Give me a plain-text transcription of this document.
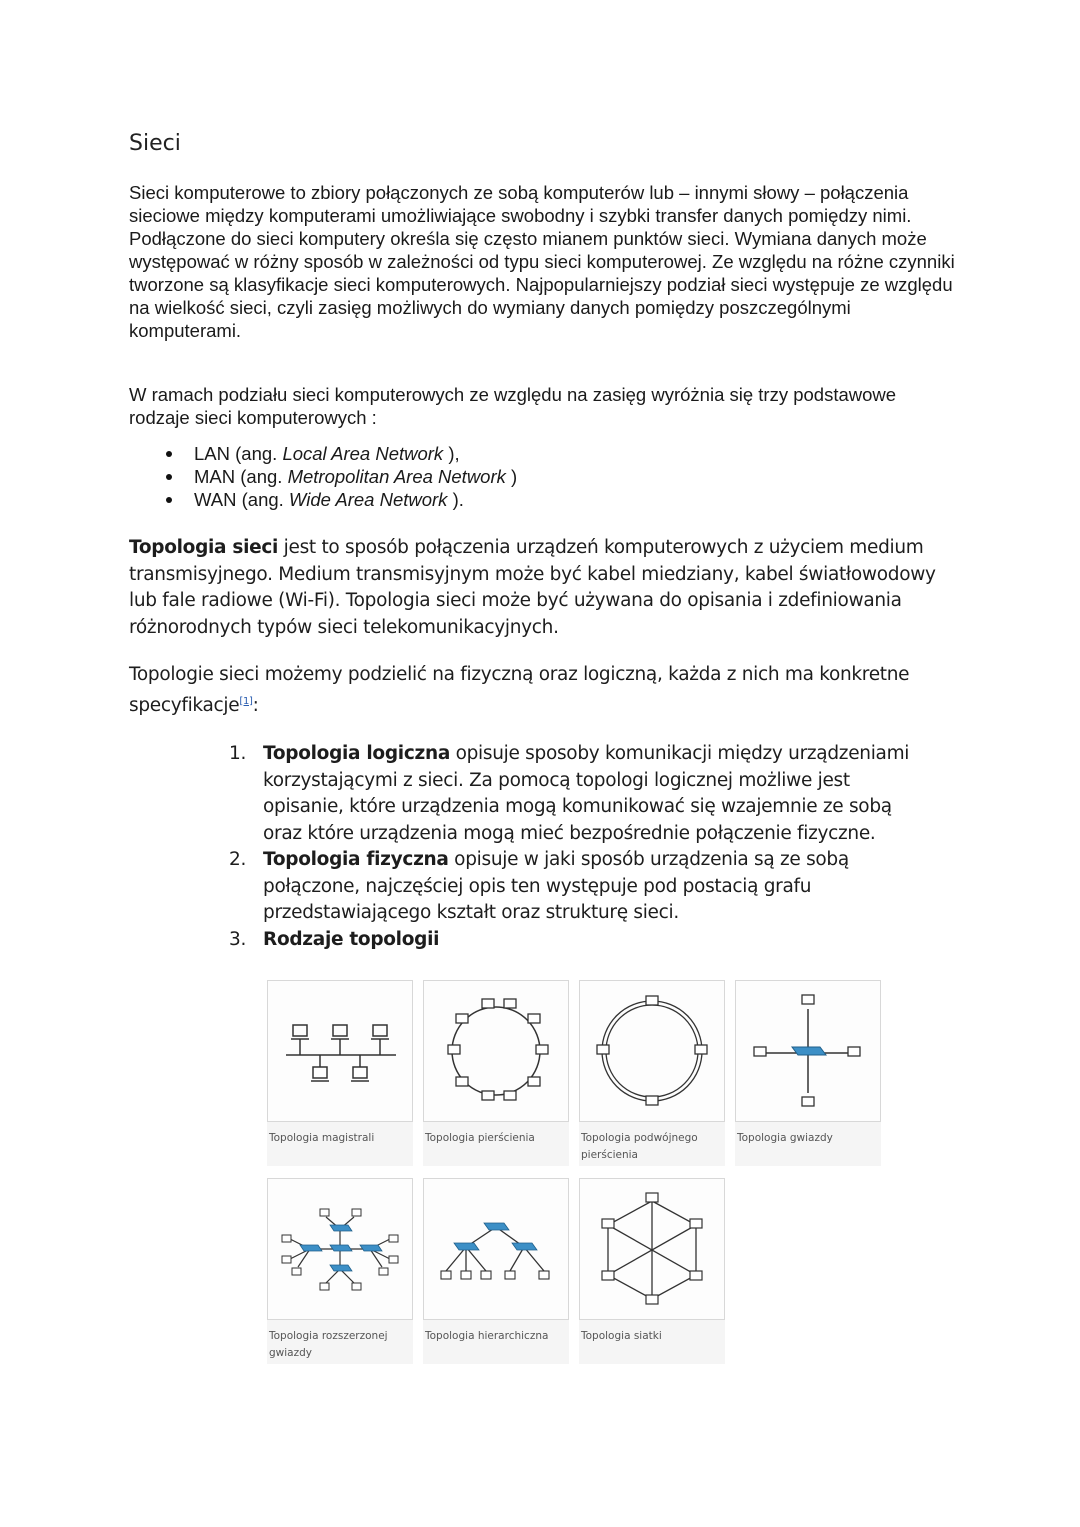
Sieci
Sieci komputerowe to zbiory połączonych ze sobą komputerów lub – innymi słowy – połączenia sieciowe między komputerami umożliwiające swobodny i szybki transfer danych pomiędzy nimi. Podłączone do sieci komputery określa się często mianem punktów sieci. Wymiana danych może występować w różny sposób w zależności od typu sieci komputerowej. Ze względu na różne czynniki tworzone są klasyfikacje sieci komputerowych. Najpopularniejszy podział sieci występuje ze względu na wielkość sieci, czyli zasięg możliwych do wymiany danych pomiędzy poszczególnymi komputerami.
W ramach podziału sieci komputerowych ze względu na zasięg wyróżnia się trzy podstawowe rodzaje sieci komputerowych :
LAN (ang. Local Area Network ),
MAN (ang. Metropolitan Area Network )
WAN (ang. Wide Area Network ).
Topologia sieci jest to sposób połączenia urządzeń komputerowych z użyciem medium transmisyjnego. Medium transmisyjnym może być kabel miedziany, kabel światłowodowy lub fale radiowe (Wi-Fi). Topologia sieci może być używana do opisania i zdefiniowania różnorodnych typów sieci telekomunikacyjnych.
Topologie sieci możemy podzielić na fizyczną oraz logiczną, każda z nich ma konkretne specyfikacje[1]:
1. Topologia logiczna opisuje sposoby komunikacji między urządzeniami korzystającymi z sieci. Za pomocą topologi logicznej możliwe jest opisanie, które urządzenia mogą komunikować się wzajemnie ze sobą oraz które urządzenia mogą mieć bezpośrednie połączenie fizyczne.
2. Topologia fizyczna opisuje w jaki sposób urządzenia są ze sobą połączone, najczęściej opis ten występuje pod postacią grafu przedstawiającego kształt oraz strukturę sieci.
3. Rodzaje topologii
Topologia magistrali	Topologia pierścienia	Topologia podwójnego pierścienia
Topologia gwiazdy
Topologia rozszerzonej gwiazdy
Topologia hierarchiczna	Topologia siatki
